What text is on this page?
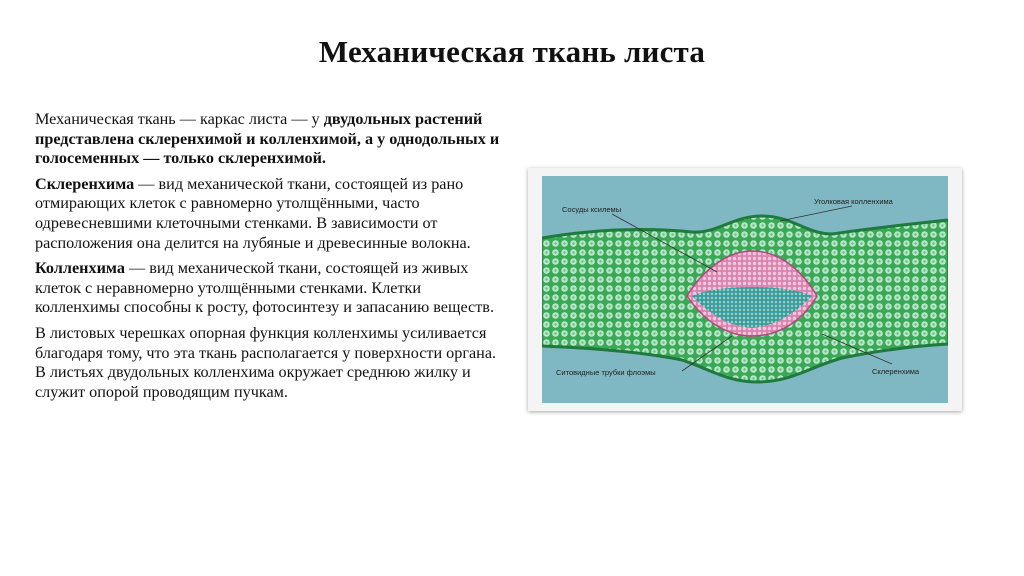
Механическая ткань листа

Механическая ткань — каркас листа — у двудольных растений представлена склеренхимой и колленхимой, а у однодольных и голосеменных — только склеренхимой.

Склеренхима — вид механической ткани, состоящей из рано отмирающих клеток с равномерно утолщёнными, часто одревесневшими клеточными стенками. В зависимости от расположения она делится на лубяные и древесинные волокна.

Колленхима — вид механической ткани, состоящей из живых клеток с неравномерно утолщёнными стенками. Клетки колленхимы способны к росту, фотосинтезу и запасанию веществ.

В листовых черешках опорная функция колленхимы усиливается благодаря тому, что эта ткань располагается у поверхности органа. В листьях двудольных колленхима окружает среднюю жилку и служит опорой проводящим пучкам.

Сосуды ксилемы
Уголковая колленхима
Ситовидные трубки флоэмы	Склеренхима
